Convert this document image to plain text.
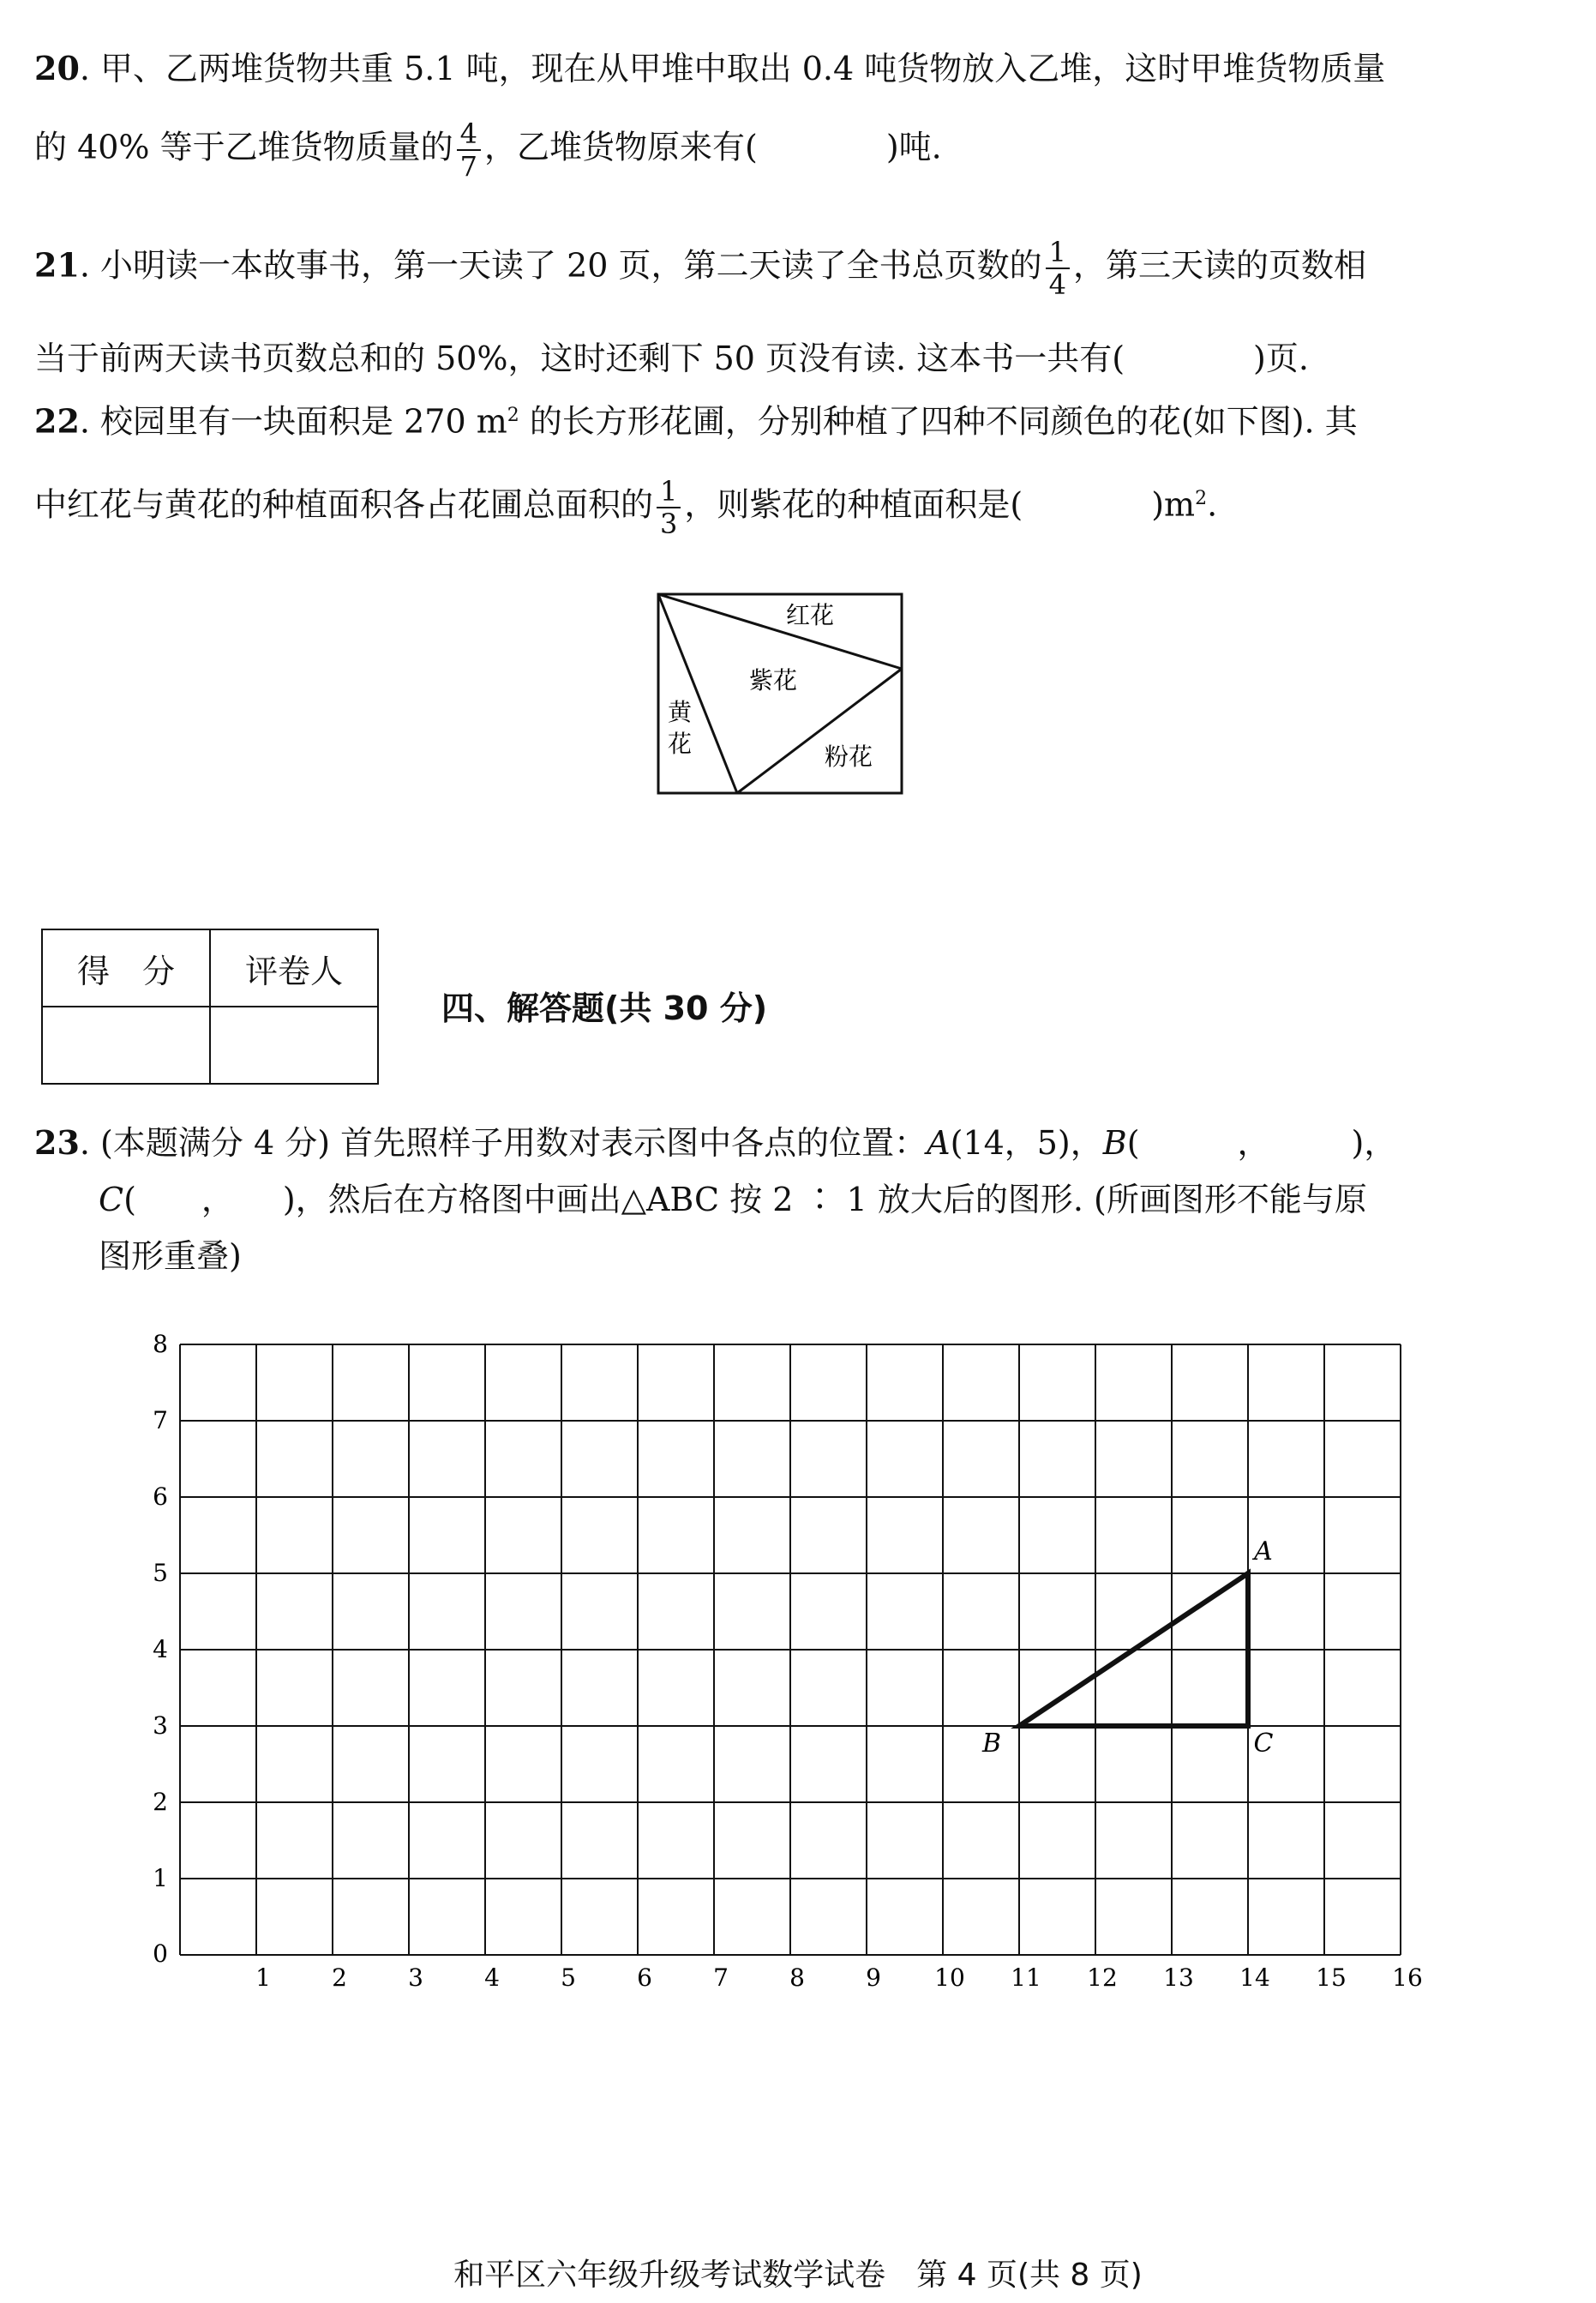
20. 甲、乙两堆货物共重 5.1 吨，现在从甲堆中取出 0.4 吨货物放入乙堆，这时甲堆货物质量
的 40% 等于乙堆货物质量的 $\frac{4}{7}$ ，乙堆货物原来有(	)吨.
21. 小明读一本故事书，第一天读了 20 页，第二天读了全书总页数的 $\frac{1}{4}$ ，第三天读的页数相
当于前两天读书页数总和的 50%，这时还剩下 50 页没有读. 这本书一共有(	)页.
22. 校园里有一块面积是 270 $m^2$ 的长方形花圃，分别种植了四种不同颜色的花(如下图). 其
中红花与黄花的种植面积各占花圃总面积的 $\frac{1}{3}$ ，则紫花的种植面积是(	)$m^2$.
红花
紫花
黄
花	粉花
得　分	评卷人

四、解答题(共 30 分)
23. (本题满分 4 分) 首先照样子用数对表示图中各点的位置：A(14，5)，B(　　　，　　　)，
C(　　，　　)，然后在方格图中画出△ABC 按 2 ∶ 1 放大后的图形. (所画图形不能与原
图形重叠)
0
1	2	3	4	5	6	7	8	9 10 11 12 13 14 15 16
1
2
3
4
5
6
7
8
A
B	C
和平区六年级升级考试数学试卷　第 4 页(共 8 页)
